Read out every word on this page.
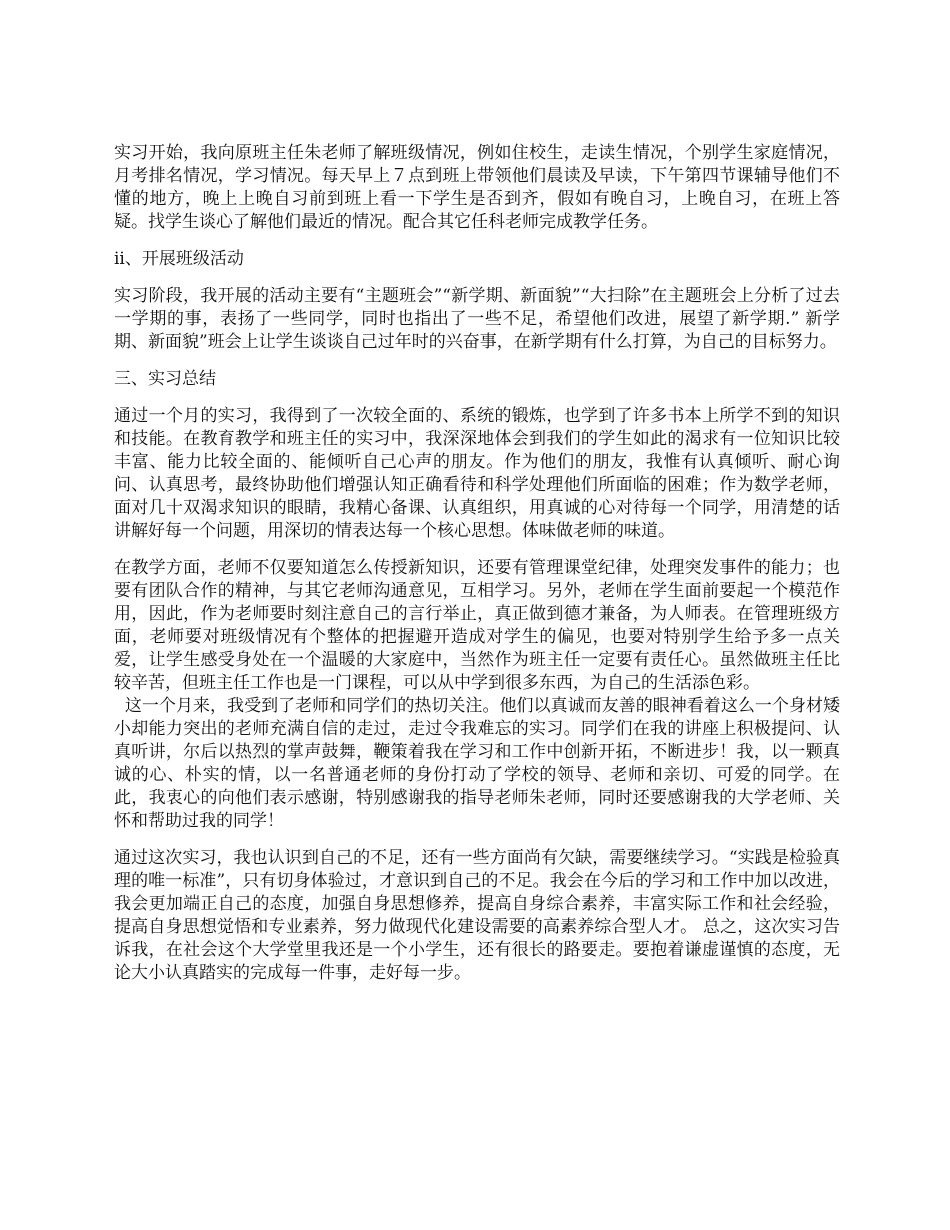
实习开始，我向原班主任朱老师了解班级情况，例如住校生，走读生情况，个别学生家庭情况，月考排名情况，学习情况。每天早上７点到班上带领他们晨读及早读，下午第四节课辅导他们不懂的地方，晚上上晚自习前到班上看一下学生是否到齐，假如有晚自习，上晚自习，在班上答疑。找学生谈心了解他们最近的情况。配合其它任科老师完成教学任务。

ii、开展班级活动

实习阶段，我开展的活动主要有“主题班会”“新学期、新面貌”“大扫除”在主题班会上分析了过去一学期的事，表扬了一些同学，同时也指出了一些不足，希望他们改进，展望了新学期.” 新学期、新面貌”班会上让学生谈谈自己过年时的兴奋事，在新学期有什么打算，为自己的目标努力。

三、实习总结

通过一个月的实习，我得到了一次较全面的、系统的锻炼，也学到了许多书本上所学不到的知识和技能。在教育教学和班主任的实习中，我深深地体会到我们的学生如此的渴求有一位知识比较丰富、能力比较全面的、能倾听自己心声的朋友。作为他们的朋友，我惟有认真倾听、耐心询问、认真思考，最终协助他们增强认知正确看待和科学处理他们所面临的困难；作为数学老师，面对几十双渴求知识的眼睛，我精心备课、认真组织，用真诚的心对待每一个同学，用清楚的话讲解好每一个问题，用深切的情表达每一个核心思想。体味做老师的味道。

在教学方面，老师不仅要知道怎么传授新知识，还要有管理课堂纪律，处理突发事件的能力；也要有团队合作的精神，与其它老师沟通意见，互相学习。另外，老师在学生面前要起一个模范作用，因此，作为老师要时刻注意自己的言行举止，真正做到德才兼备，为人师表。在管理班级方面，老师要对班级情况有个整体的把握避开造成对学生的偏见，也要对特别学生给予多一点关爱，让学生感受身处在一个温暖的大家庭中，当然作为班主任一定要有责任心。虽然做班主任比较辛苦，但班主任工作也是一门课程，可以从中学到很多东西，为自己的生活添色彩。

这一个月来，我受到了老师和同学们的热切关注。他们以真诚而友善的眼神看着这么一个身材矮小却能力突出的老师充满自信的走过，走过令我难忘的实习。同学们在我的讲座上积极提问、认真听讲，尔后以热烈的掌声鼓舞，鞭策着我在学习和工作中创新开拓，不断进步！我，以一颗真诚的心、朴实的情，以一名普通老师的身份打动了学校的领导、老师和亲切、可爱的同学。在此，我衷心的向他们表示感谢，特别感谢我的指导老师朱老师，同时还要感谢我的大学老师、关怀和帮助过我的同学！

通过这次实习，我也认识到自己的不足，还有一些方面尚有欠缺，需要继续学习。“实践是检验真理的唯一标准”，只有切身体验过，才意识到自己的不足。我会在今后的学习和工作中加以改进，我会更加端正自己的态度，加强自身思想修养，提高自身综合素养，丰富实际工作和社会经验，提高自身思想觉悟和专业素养，努力做现代化建设需要的高素养综合型人才。 总之，这次实习告诉我，在社会这个大学堂里我还是一个小学生，还有很长的路要走。要抱着谦虚谨慎的态度，无论大小认真踏实的完成每一件事，走好每一步。
